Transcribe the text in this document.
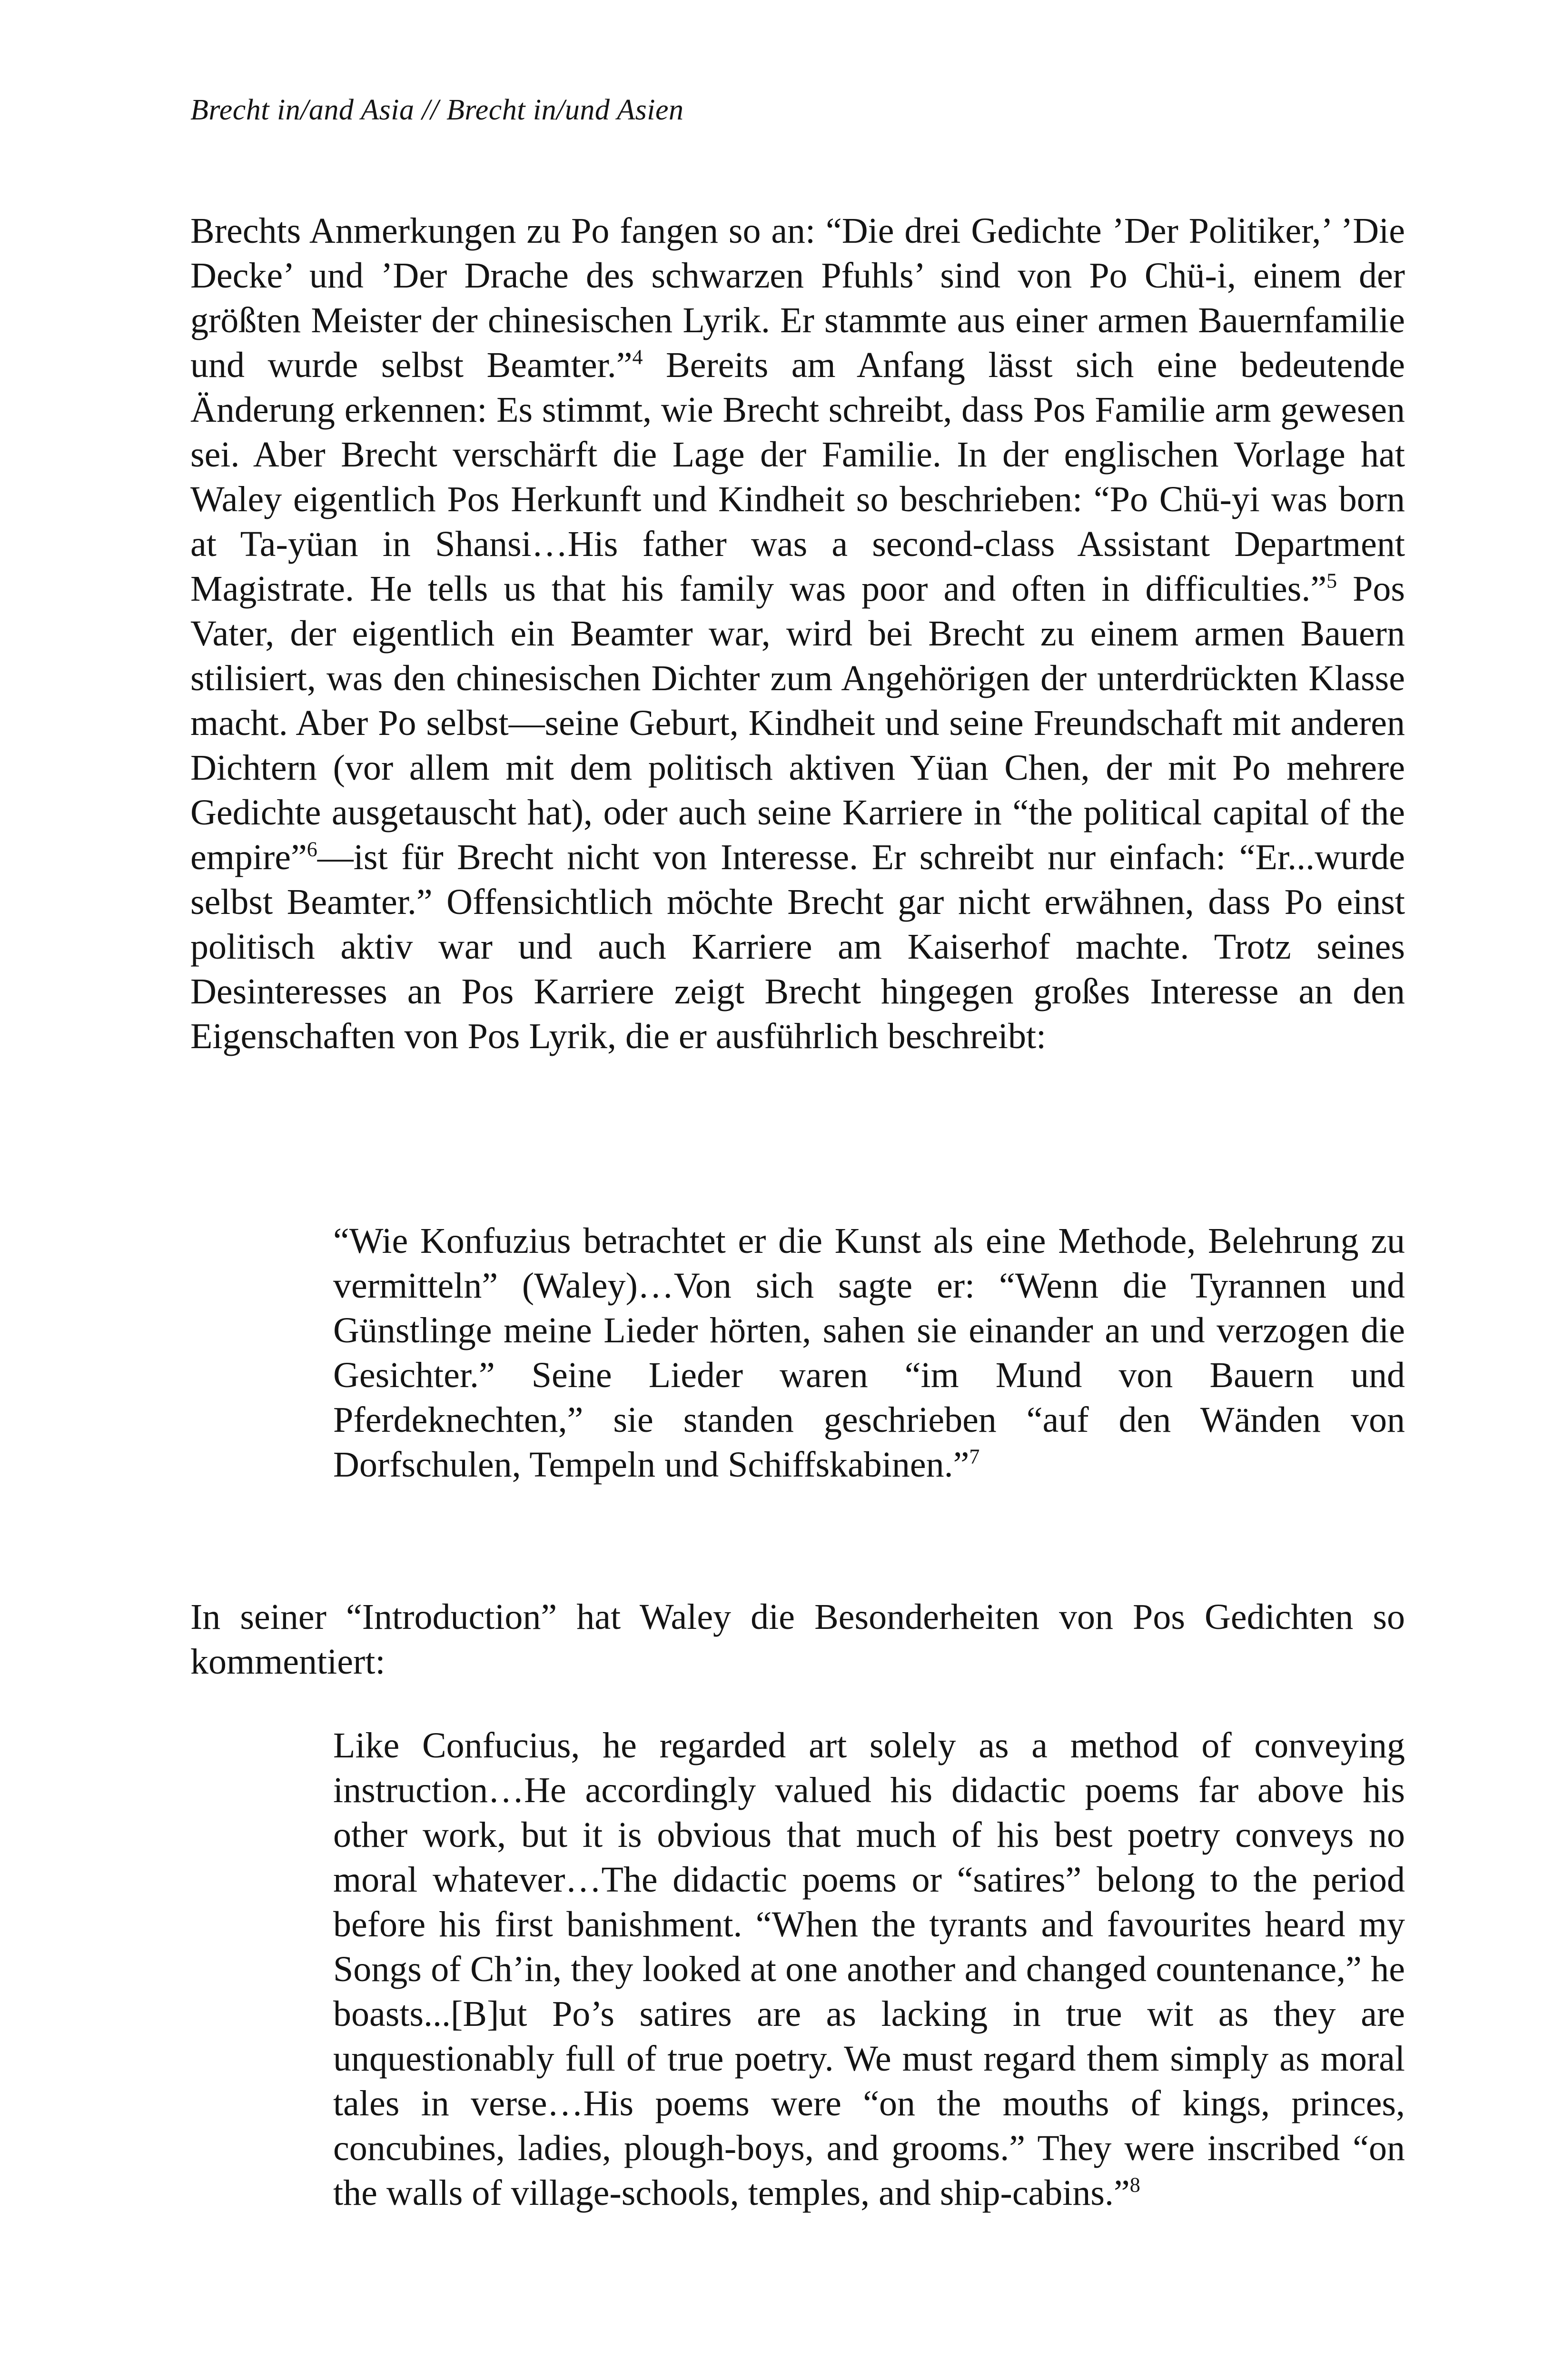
Brecht in/and Asia // Brecht in/und Asien

Brechts Anmerkungen zu Po fangen so an: “Die drei Gedichte ’Der Politiker,’ ’Die Decke’ und ’Der Drache des schwarzen Pfuhls’ sind von Po Chü-i, einem der größten Meister der chinesischen Lyrik. Er stammte aus einer armen Bauernfamilie und wurde selbst Beamter.”$^4$ Bereits am Anfang lässt sich eine bedeutende Änderung erkennen: Es stimmt, wie Brecht schreibt, dass Pos Familie arm gewesen sei. Aber Brecht verschärft die Lage der Familie. In der englischen Vorlage hat Waley eigentlich Pos Herkunft und Kindheit so beschrieben: “Po Chü-yi was born at Ta-yüan in Shansi…His father was a second-class Assistant Department Magistrate. He tells us that his family was poor and often in difficulties.”$^5$ Pos Vater, der eigentlich ein Beamter war, wird bei Brecht zu einem armen Bauern stilisiert, was den chinesischen Dichter zum Angehörigen der unterdrückten Klasse macht. Aber Po selbst—seine Geburt, Kindheit und seine Freundschaft mit anderen Dichtern (vor allem mit dem politisch aktiven Yüan Chen, der mit Po mehrere Gedichte ausgetauscht hat), oder auch seine Karriere in “the political capital of the empire”$^6$—ist für Brecht nicht von Interesse. Er schreibt nur einfach: “Er...wurde selbst Beamter.” Offensichtlich möchte Brecht gar nicht erwähnen, dass Po einst politisch aktiv war und auch Karriere am Kaiserhof machte. Trotz seines Desinteresses an Pos Karriere zeigt Brecht hingegen großes Interesse an den Eigenschaften von Pos Lyrik, die er ausführlich beschreibt:

“Wie Konfuzius betrachtet er die Kunst als eine Methode, Belehrung zu vermitteln” (Waley)…Von sich sagte er: “Wenn die Tyrannen und Günstlinge meine Lieder hörten, sahen sie einander an und verzogen die Gesichter.” Seine Lieder waren “im Mund von Bauern und Pferdeknechten,” sie standen geschrieben “auf den Wänden von Dorfschulen, Tempeln und Schiffskabinen.”$^7$

In seiner “Introduction” hat Waley die Besonderheiten von Pos Gedichten so kommentiert:

Like Confucius, he regarded art solely as a method of conveying instruction…He accordingly valued his didactic poems far above his other work, but it is obvious that much of his best poetry conveys no moral whatever…The didactic poems or “satires” belong to the period before his first banishment. “When the tyrants and favourites heard my Songs of Ch’in, they looked at one another and changed countenance,” he boasts...[B]ut Po’s satires are as lacking in true wit as they are unquestionably full of true poetry. We must regard them simply as moral tales in verse…His poems were “on the mouths of kings, princes, concubines, ladies, plough-boys, and grooms.” They were inscribed “on the walls of village-schools, temples, and ship-cabins.”$^8$
